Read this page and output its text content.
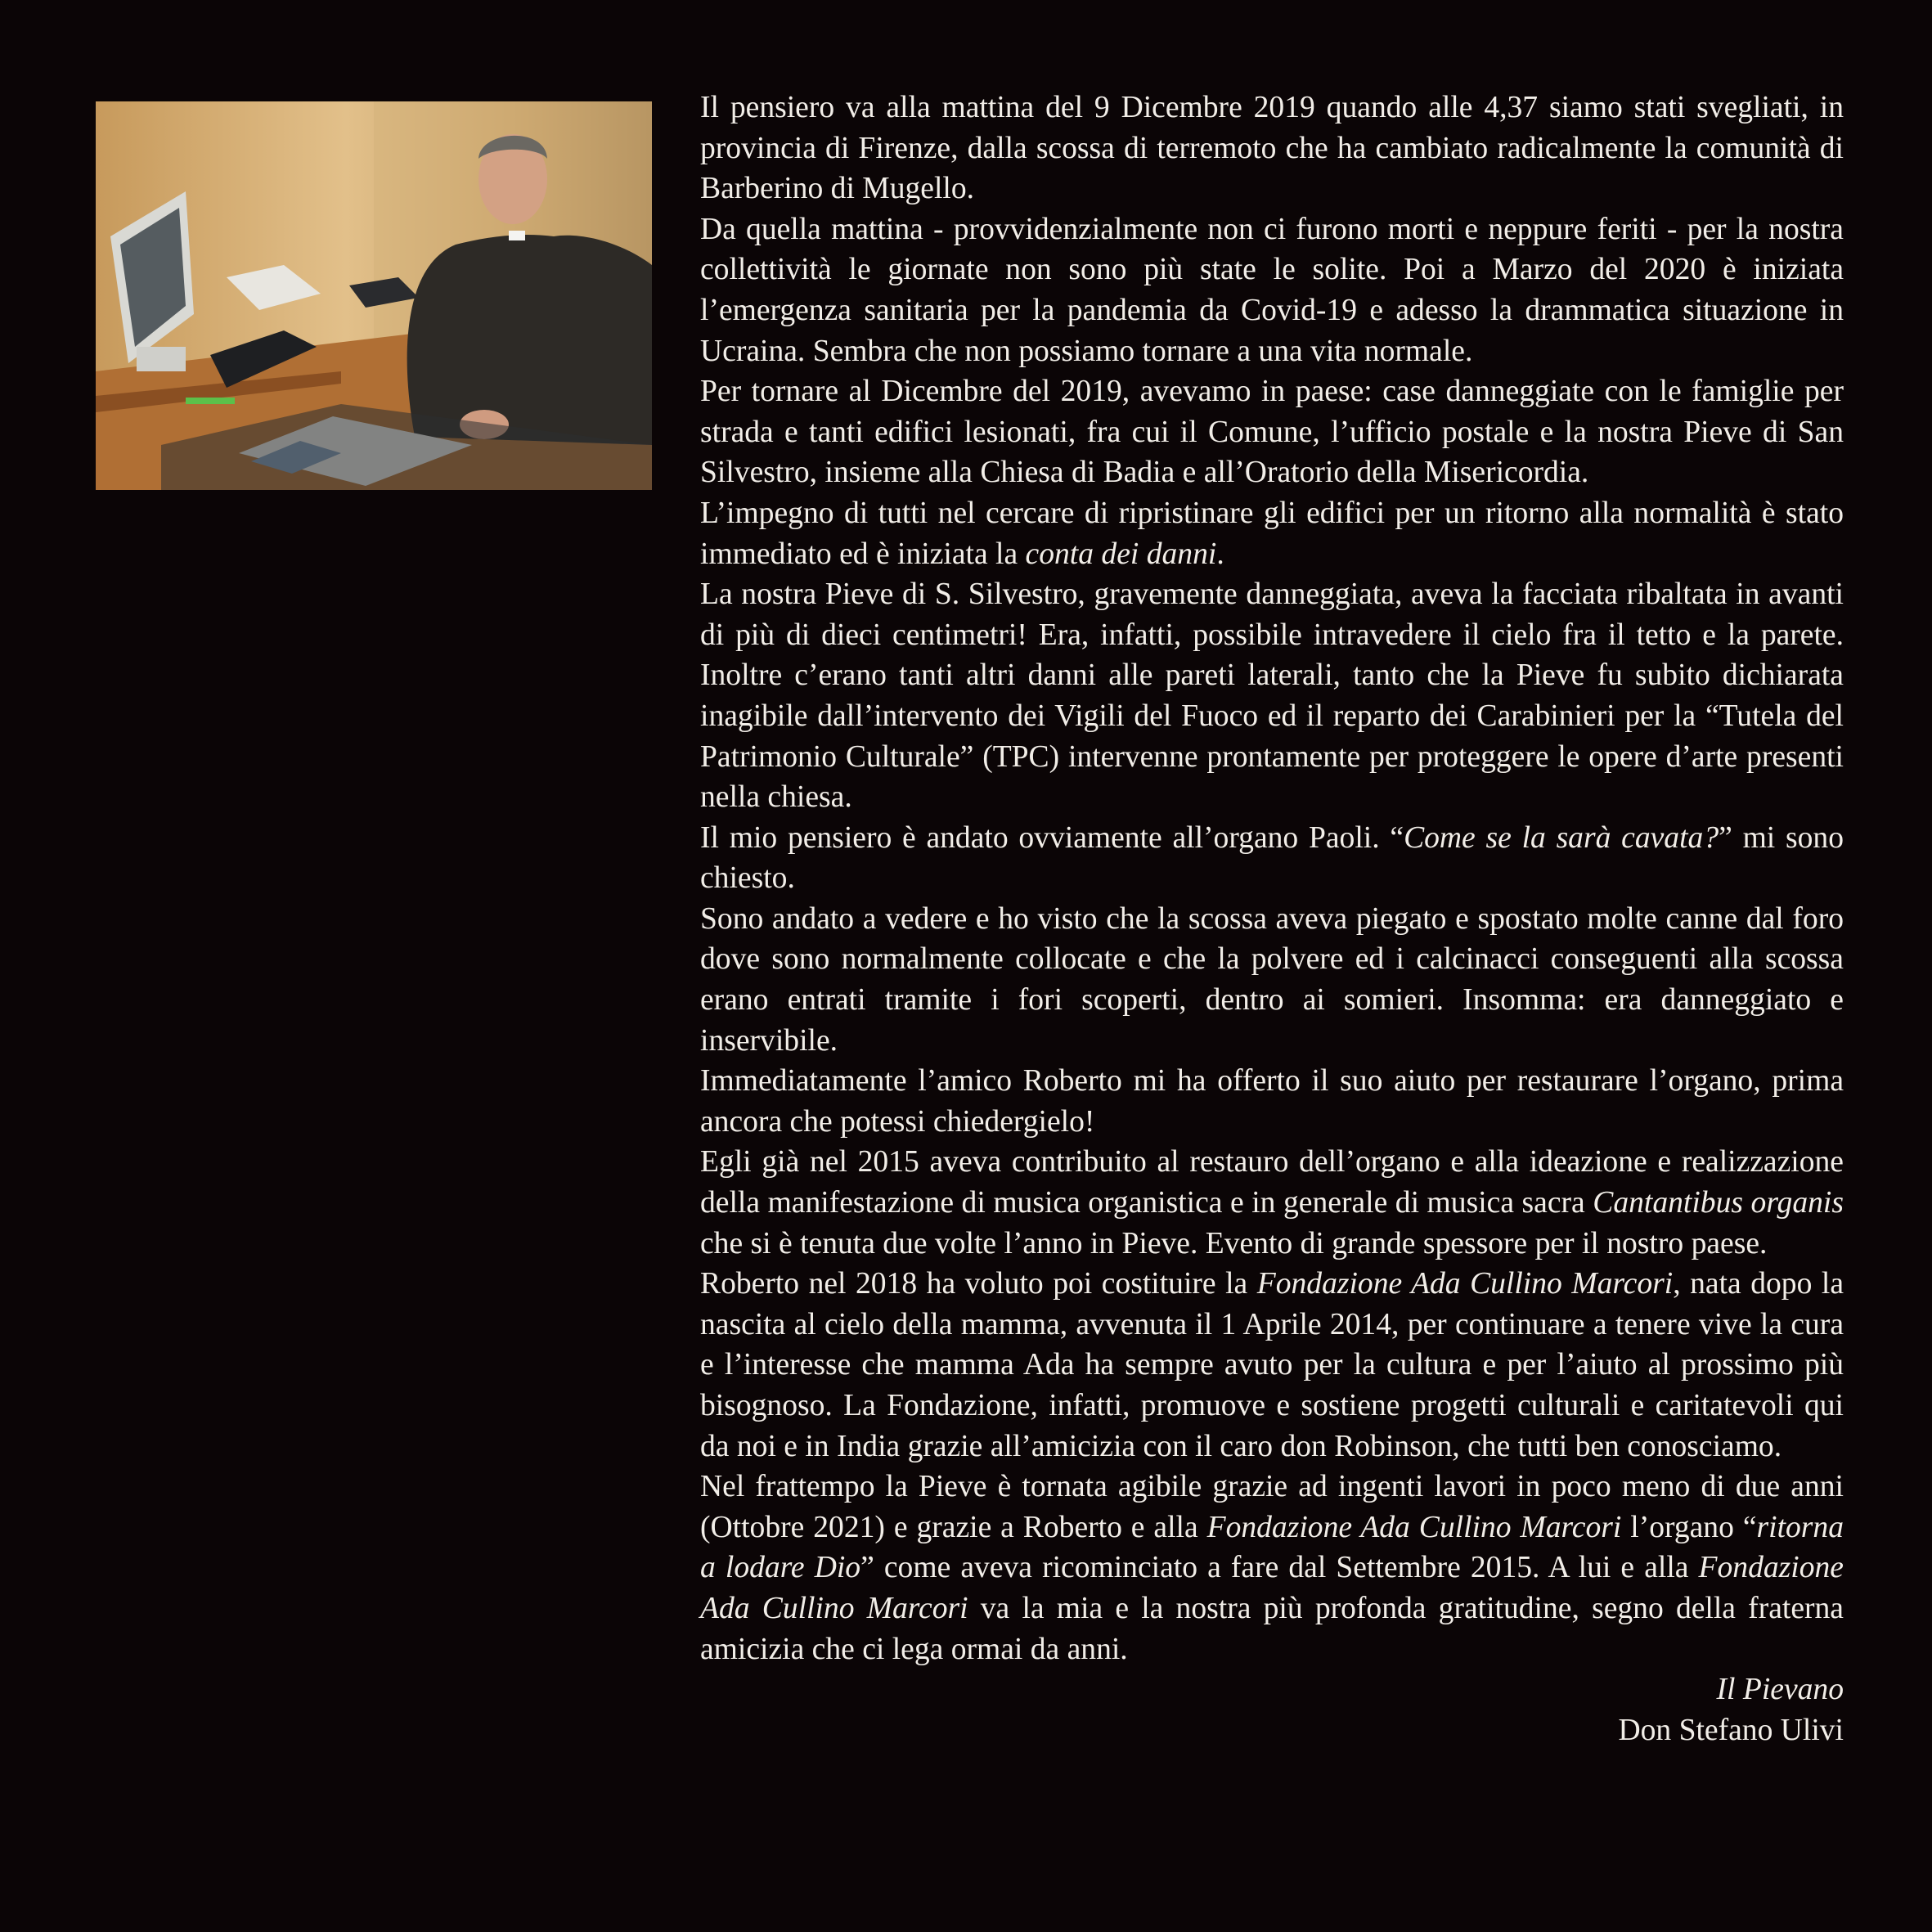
Il pensiero va alla mattina del 9 Dicembre 2019 quando alle 4,37 siamo stati svegliati, in provincia di Firenze, dalla scossa di terremoto che ha cambiato radicalmente la comunità di Barberino di Mugello.

Da quella mattina - provvidenzialmente non ci furono morti e neppure feriti - per la nostra collettività le giornate non sono più state le solite. Poi a Marzo del 2020 è iniziata l’emergenza sanitaria per la pandemia da Covid-19 e adesso la drammatica situazione in Ucraina. Sembra che non possiamo tornare a una vita normale.

Per tornare al Dicembre del 2019, avevamo in paese: case danneggiate con le famiglie per strada e tanti edifici lesionati, fra cui il Comune, l’ufficio postale e la nostra Pieve di San Silvestro, insieme alla Chiesa di Badia e all’Oratorio della Misericordia.

L’impegno di tutti nel cercare di ripristinare gli edifici per un ritorno alla normalità è stato immediato ed è iniziata la conta dei danni.

La nostra Pieve di S. Silvestro, gravemente danneggiata, aveva la facciata ribaltata in avanti di più di dieci centimetri! Era, infatti, possibile intravedere il cielo fra il tetto e la parete. Inoltre c’erano tanti altri danni alle pareti laterali, tanto che la Pieve fu subito dichiarata inagibile dall’intervento dei Vigili del Fuoco ed il reparto dei Carabinieri per la “Tutela del Patrimonio Culturale” (TPC) intervenne prontamente per proteggere le opere d’arte presenti nella chiesa.

Il mio pensiero è andato ovviamente all’organo Paoli. “Come se la sarà cavata?” mi sono chiesto.

Sono andato a vedere e ho visto che la scossa aveva piegato e spostato molte canne dal foro dove sono normalmente collocate e che la polvere ed i calcinacci conseguenti alla scossa erano entrati tramite i fori scoperti, dentro ai somieri. Insomma: era danneggiato e inservibile.

Immediatamente l’amico Roberto mi ha offerto il suo aiuto per restaurare l’organo, prima ancora che potessi chiedergielo!

Egli già nel 2015 aveva contribuito al restauro dell’organo e alla ideazione e realizzazione della manifestazione di musica organistica e in generale di musica sacra Cantantibus organis che si è tenuta due volte l’anno in Pieve. Evento di grande spessore per il nostro paese.

Roberto nel 2018 ha voluto poi costituire la Fondazione Ada Cullino Marcori, nata dopo la nascita al cielo della mamma, avvenuta il 1 Aprile 2014, per continuare a tenere vive la cura e l’interesse che mamma Ada ha sempre avuto per la cultura e per l’aiuto al prossimo più bisognoso. La Fondazione, infatti, promuove e sostiene progetti culturali e caritatevoli qui da noi e in India grazie all’amicizia con il caro don Robinson, che tutti ben conosciamo.

Nel frattempo la Pieve è tornata agibile grazie ad ingenti lavori in poco meno di due anni (Ottobre 2021) e grazie a Roberto e alla Fondazione Ada Cullino Marcori l’organo “ritorna a lodare Dio” come aveva ricominciato a fare dal Settembre 2015. A lui e alla Fondazione Ada Cullino Marcori va la mia e la nostra più profonda gratitudine, segno della fraterna amicizia che ci lega ormai da anni.

Il Pievano
Don Stefano Ulivi
